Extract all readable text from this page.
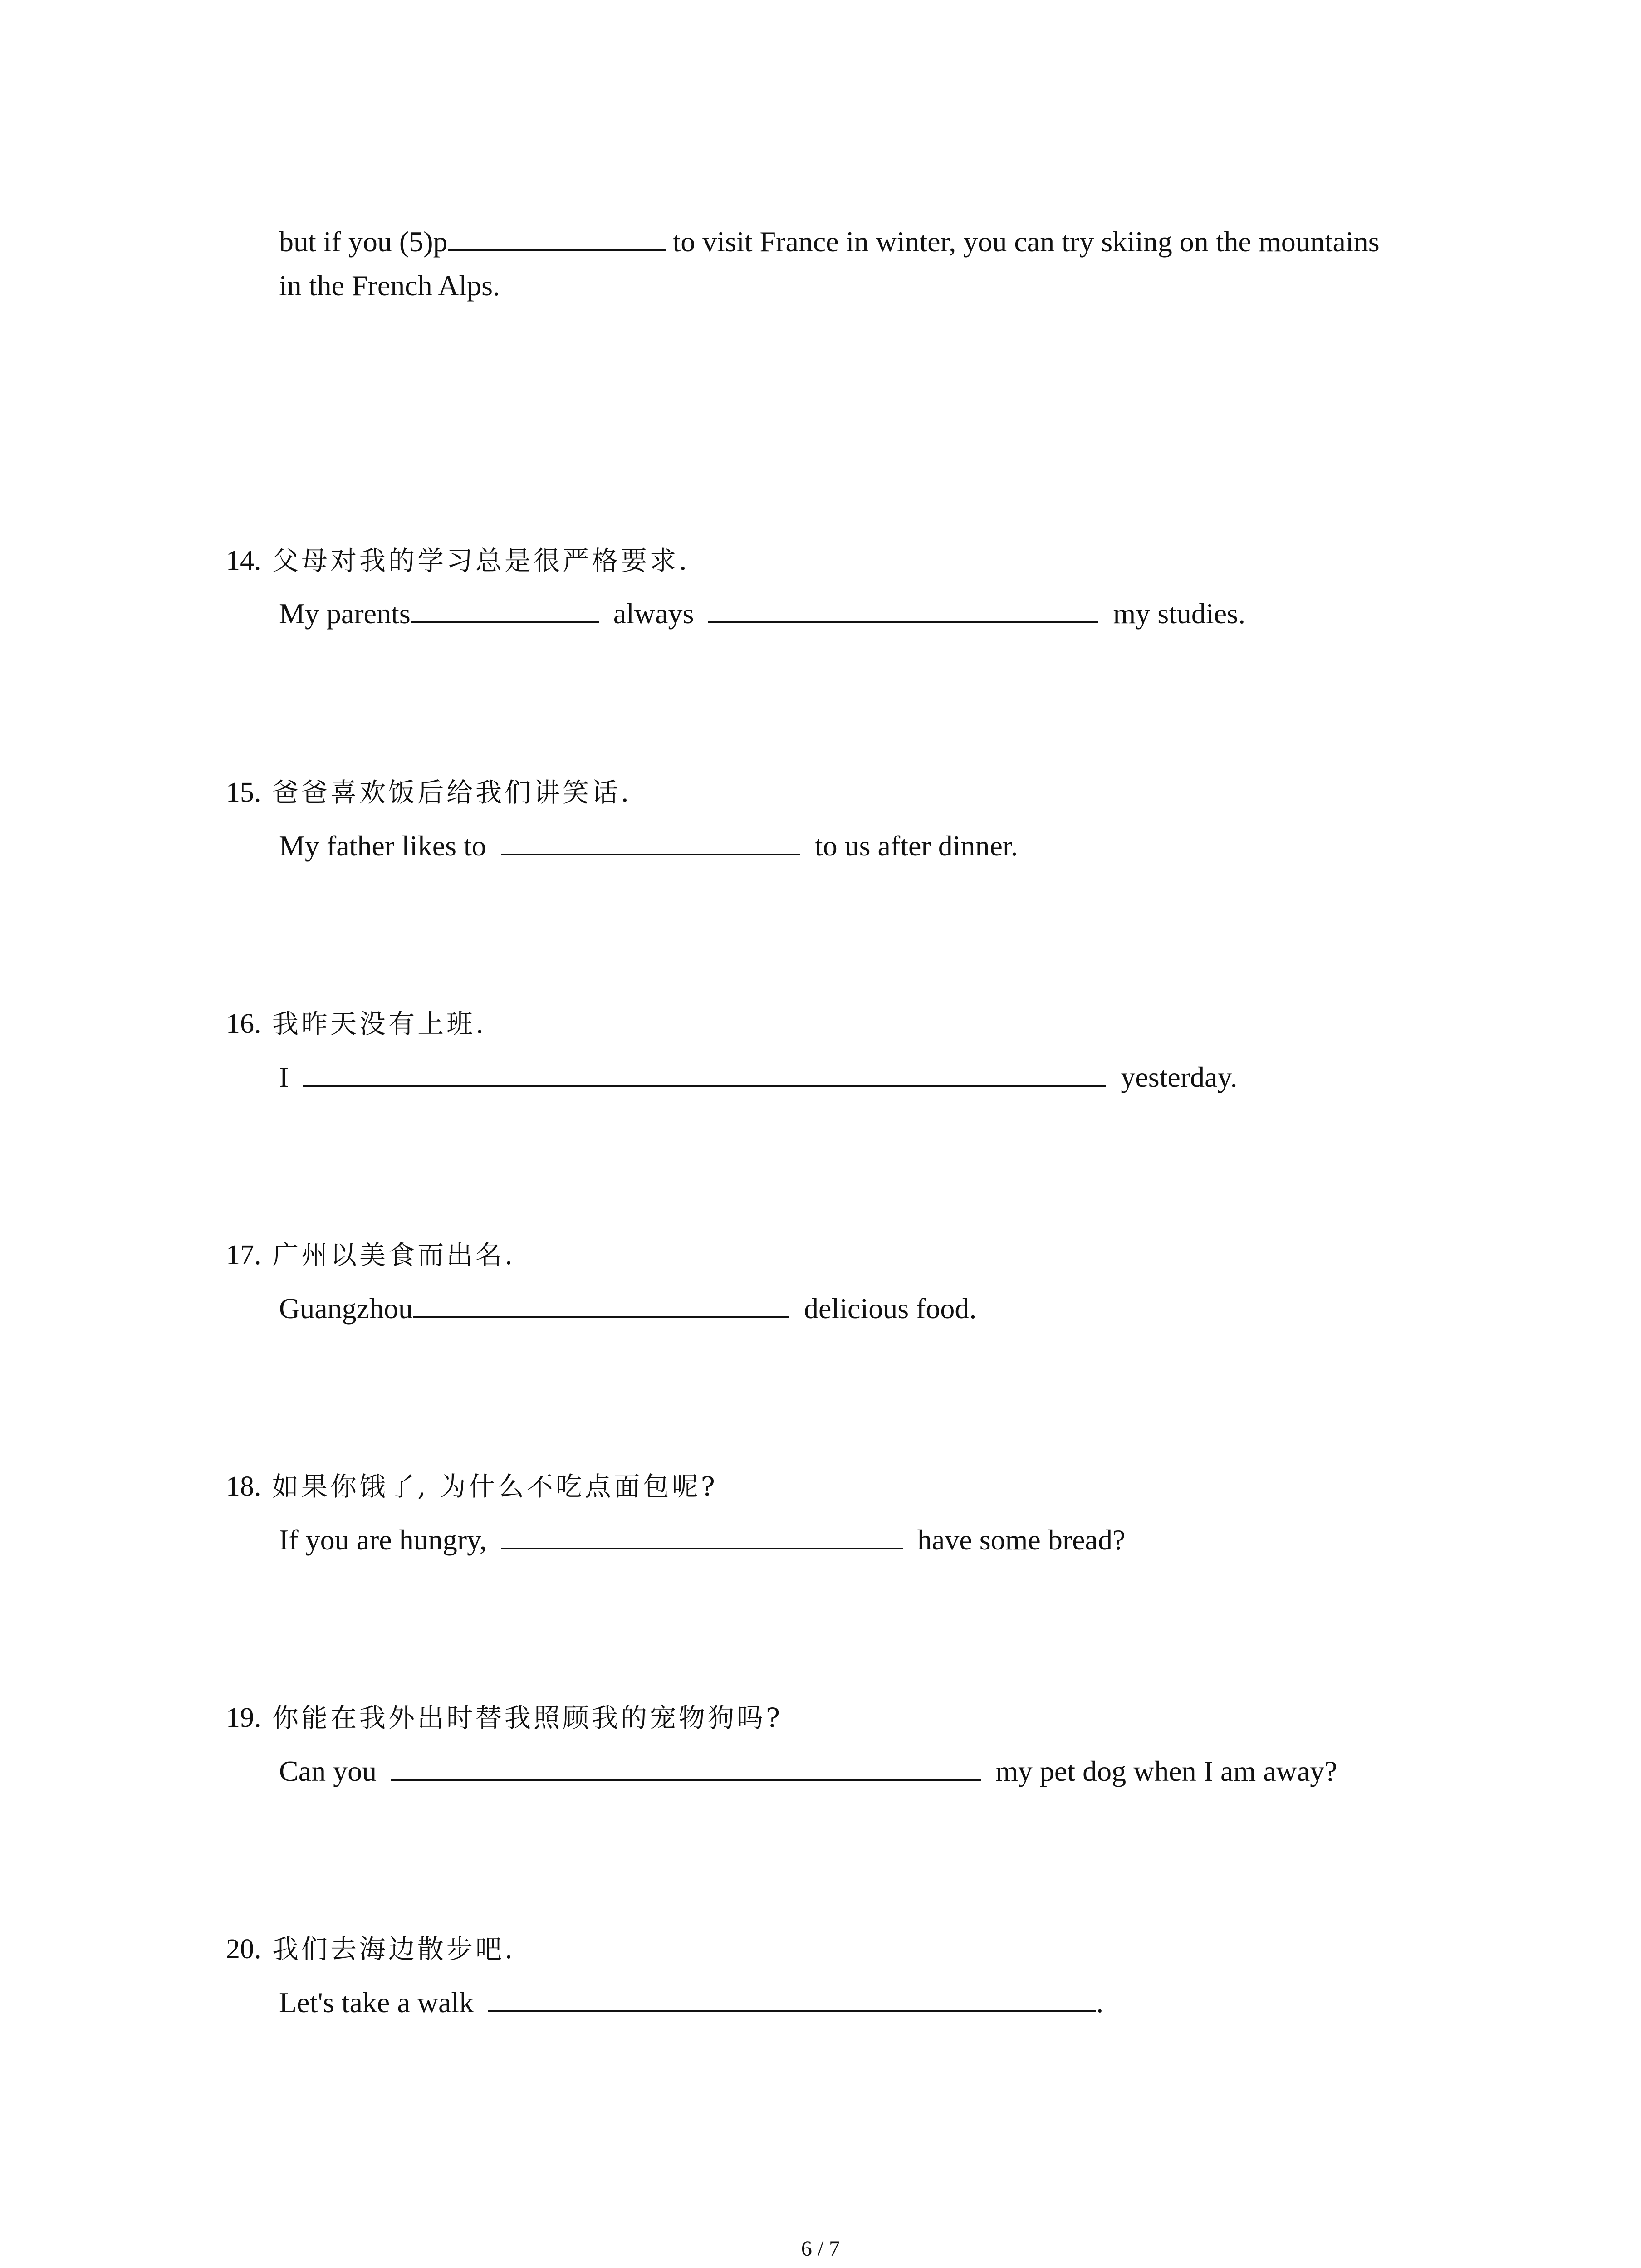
but if you (5)p	to visit France in winter, you can try skiing on the mountains
in the French Alps.
14. 父母对我的学习总是很严格要求.
My parents	always	my studies.
15. 爸爸喜欢饭后给我们讲笑话.
My father likes to	to us after dinner.
16. 我昨天没有上班.
I	yesterday.
17. 广州以美食而出名.
Guangzhou	delicious food.
18. 如果你饿了, 为什么不吃点面包呢?
If you are hungry,	have some bread?
19. 你能在我外出时替我照顾我的宠物狗吗?
Can you	my pet dog when I am away?
20. 我们去海边散步吧.
Let's take a walk	.
6 / 7
